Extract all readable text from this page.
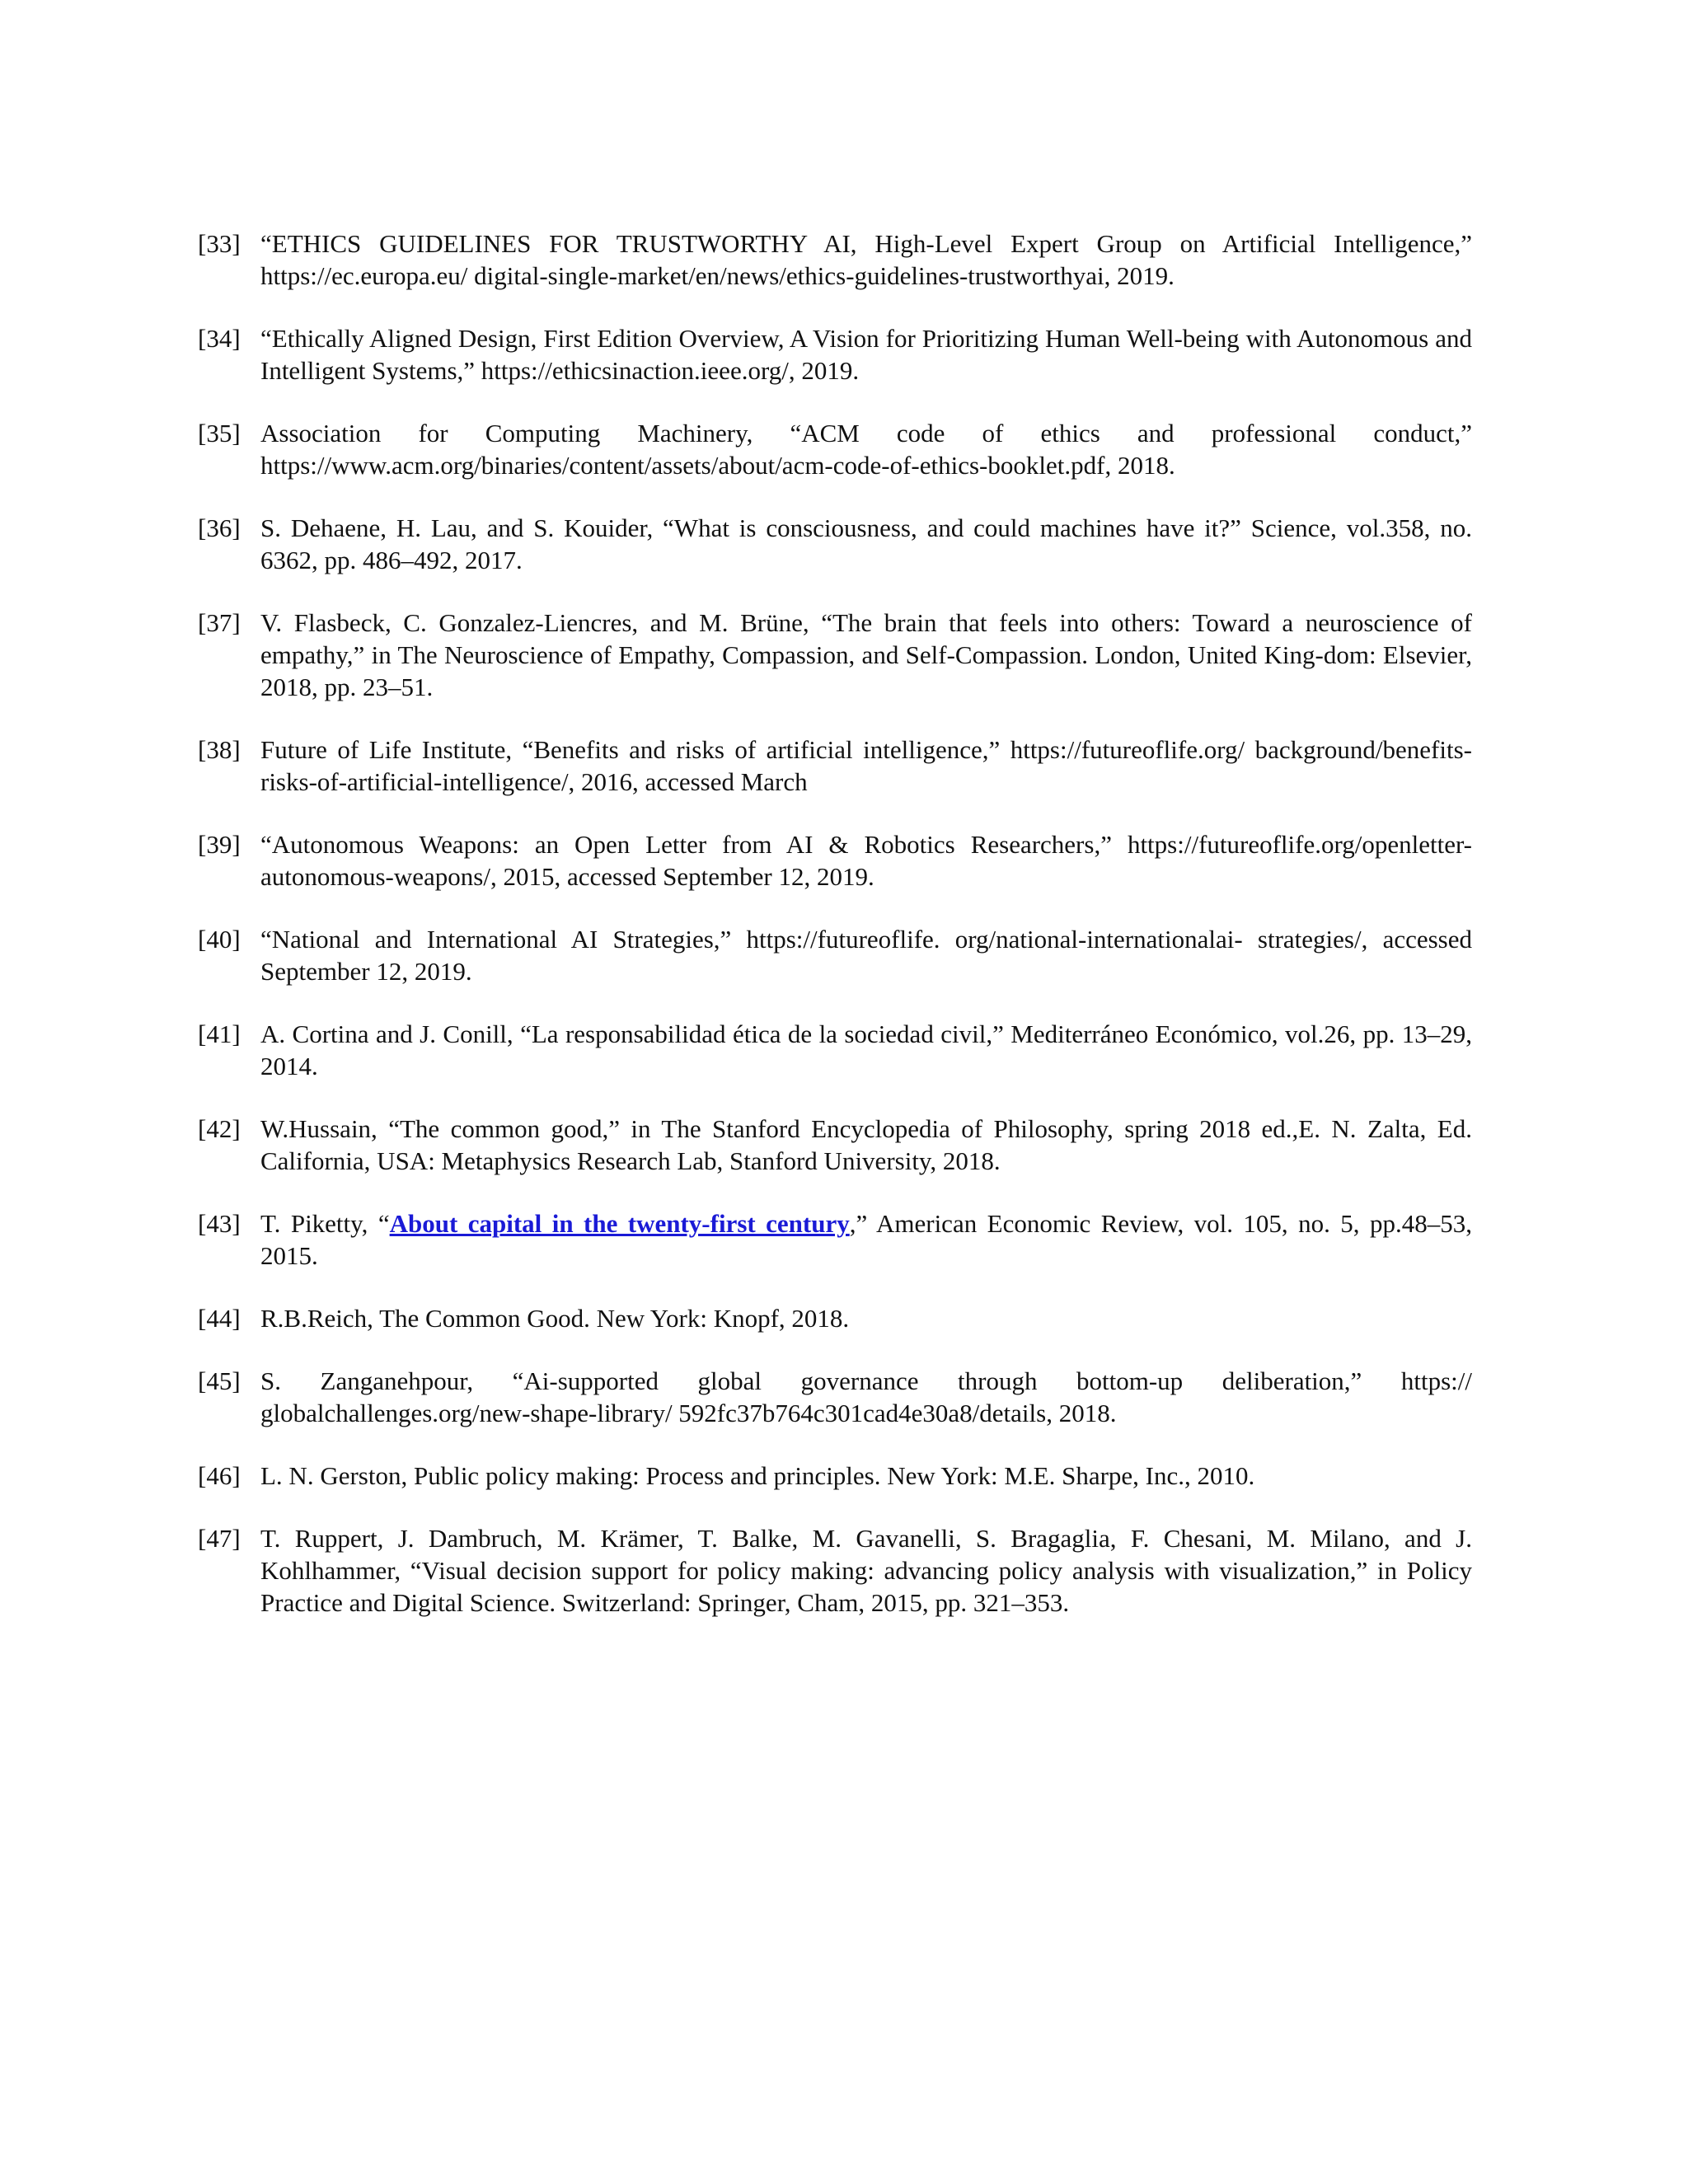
[33] “ETHICS GUIDELINES FOR TRUSTWORTHY AI, High-Level Expert Group on Artificial Intelligence,” https://ec.europa.eu/ digital-single-market/en/news/ethics-guidelines-trustworthyai, 2019.
[34] “Ethically Aligned Design, First Edition Overview, A Vision for Prioritizing Human Well-being with Autonomous and Intelligent Systems,” https://ethicsinaction.ieee.org/, 2019.
[35] Association for Computing Machinery, “ACM code of ethics and professional conduct,” https://www.acm.org/binaries/content/assets/about/acm-code-of-ethics-booklet.pdf, 2018.
[36] S. Dehaene, H. Lau, and S. Kouider, “What is consciousness, and could machines have it?” Science, vol.358, no. 6362, pp. 486–492, 2017.
[37] V. Flasbeck, C. Gonzalez-Liencres, and M. Brüne, “The brain that feels into others: Toward a neuroscience of empathy,” in The Neuroscience of Empathy, Compassion, and Self-Compassion. London, United King-dom: Elsevier, 2018, pp. 23–51.
[38] Future of Life Institute, “Benefits and risks of artificial intelligence,” https://futureoflife.org/ background/benefits-risks-of-artificial-intelligence/, 2016, accessed March
[39] “Autonomous Weapons: an Open Letter from AI & Robotics Researchers,” https://futureoflife.org/openletter-autonomous-weapons/, 2015, accessed September 12, 2019.
[40] “National and International AI Strategies,” https://futureoflife. org/national-internationalai- strategies/, accessed September 12, 2019.
[41] A. Cortina and J. Conill, “La responsabilidad ética de la sociedad civil,” Mediterráneo Económico, vol.26, pp. 13–29, 2014.
[42] W.Hussain, “The common good,” in The Stanford Encyclopedia of Philosophy, spring 2018 ed.,E. N. Zalta, Ed. California, USA: Metaphysics Research Lab, Stanford University, 2018.
[43] T. Piketty, “About capital in the twenty-first century,” American Economic Review, vol. 105, no. 5, pp.48–53, 2015.
[44] R.B.Reich, The Common Good. New York: Knopf, 2018.
[45] S. Zanganehpour, “Ai-supported global governance through bottom-up deliberation,” https:// globalchallenges.org/new-shape-library/ 592fc37b764c301cad4e30a8/details, 2018.
[46] L. N. Gerston, Public policy making: Process and principles. New York: M.E. Sharpe, Inc., 2010.
[47] T. Ruppert, J. Dambruch, M. Krämer, T. Balke, M. Gavanelli, S. Bragaglia, F. Chesani, M. Milano, and J. Kohlhammer, “Visual decision support for policy making: advancing policy analysis with visualization,” in Policy Practice and Digital Science. Switzerland: Springer, Cham, 2015, pp. 321–353.
